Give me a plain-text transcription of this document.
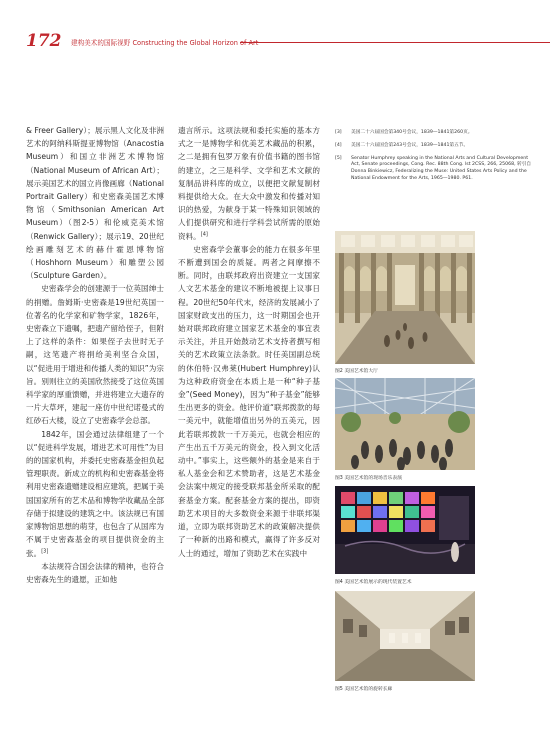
172 建构美术的国际视野 Constructing the Global Horizon of Art

& Freer Gallery）；展示黑人文化及非洲艺术的阿纳科斯提亚博物馆（Anacostia Museum）和国立非洲艺术博物馆（National Museum of African Art）；展示美国艺术的国立肖像画廊（National Portrait Gallery）和史密森美国艺术博物馆（Smithsonian American Art Museum）（图2-5）和伦威克美术馆（Renwick Gallery）；展示19、20世纪绘画雕刻艺术的赫什霍恩博物馆（Hoshhorn Museum）和雕塑公园（Sculpture Garden）。

史密森学会的创建源于一位英国绅士的捐赠。詹姆斯·史密森是19世纪英国一位著名的化学家和矿物学家，1826年，史密森立下遗嘱，把遗产留给侄子，但附上了这样的条件：如果侄子去世时无子嗣，这笔遗产将捐给美利坚合众国，以“促进用于增进和传播人类的知识”为宗旨。别则往立的美国欣然接受了这位英国科学家的厚重馈赠，并进将建立大遗存的一片大草坪，建起一座仿中世纪诺曼式的红砂石大楼，设立了史密森学会总部。

1842年，国会通过法律组建了一个以“促进科学发展，增进艺术可用性”为目的的国家机构，并委托史密森基金担负起管理职责。新成立的机构和史密森基金将利用史密森遗赠建设相应建筑，把属于美国国家所有的艺术品和博物学收藏品全部存储于拟建设的建筑之中。该法规已有国家博物馆思想的萌芽，也包含了从国库为不属于史密森基金的项目提供资金的主张。[3]

本法规符合国会法律的精神，也符合史密森先生的遗愿，正如他

遗言所示。这项法规和委托实施的基本方式之一是博物学和优美艺术藏品的积累，之二是拥有包罗万象有价值书籍的图书馆的建立，之三是科学、文学和艺术文献的复制品讲科库的成立，以便把文献复制材料提供给大众。在大众中激发和传播对知识的热爱，为献身于某一特殊知识领域的人们提供研究和进行学科尝试所需的原始资料。[4]

史密森学会董事会的能力在很多年里不断遭到国会的质疑。两者之间摩擦不断。同时，由联邦政府出资建立一支国家人文艺术基金的建议不断地被提上议事日程。20世纪50年代末，经济的发展减小了国家财政支出的压力，这一时期国会也开始对联邦政府建立国家艺术基金的事宜表示关注，并且开始鼓动艺术支持者撰写相关的艺术政策立法条款。时任美国副总统的休伯特·汉弗莱(Hubert Humphrey)认为这种政府资金在本质上是一种“种子基金”(Seed Money)，因为“种子基金”能够生出更多的资金。他评价道“联邦拨款的每一美元中，就能增值出另外的五美元，因此若联邦拨款一千万美元，也就会相应的产生出五千万美元的资金，投入到文化活动中。”事实上，这些额外的基金是来自于私人基金会和艺术赞助者，这是艺术基金会法案中规定的接受联邦基金所采取的配套基金方案。配套基金方案的提出，即资助艺术项目的大多数资金来源于非联邦渠道，立即为联邦资助艺术的政策解决提供了一种新的出路和模式，赢得了许多反对人士的通过，增加了资助艺术在实践中

[3]	美国二十六届国会第340号会议，1839—1841第260页。
[4]	美国二十六届国会第243号会议，1839—1841第五节。
[5]	Senator Humphrey speaking in the National Arts and Cultural Development Act, Senate proceedings, Cong. Rec. 88th Cong. lst 2CSS, 266, 25068, 转引自 Donna Binkiewicz, Federalizing the Muse: United States Arts Policy and the National Endowment for the Arts, 1965—1980. P61.
图2 美国艺术馆大厅
图3 美国艺术馆的现场音乐表演
图4 美国艺术馆展示的现代装置艺术
图5 美国艺术馆的旋转长廊
